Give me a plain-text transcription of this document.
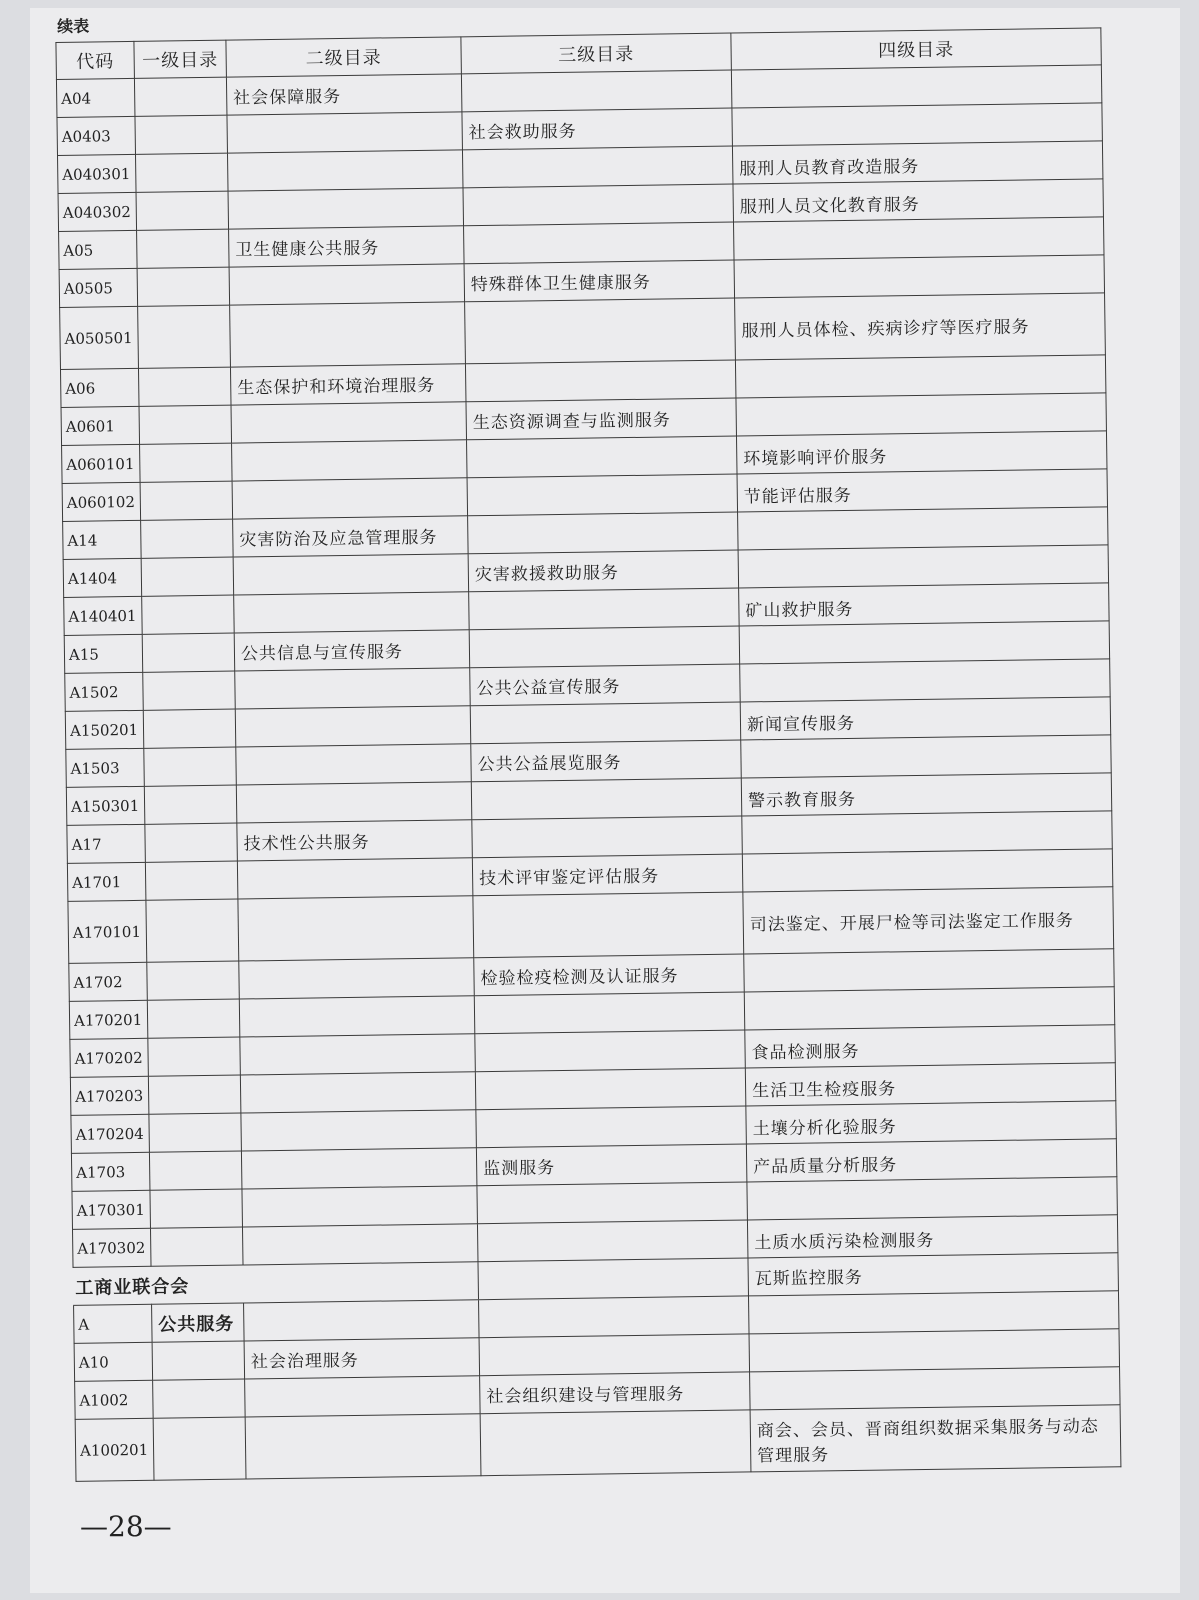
续表
代码	一级目录	二级目录	三级目录	四级目录
A04		社会保障服务		
A0403			社会救助服务	
A040301				服刑人员教育改造服务
A040302				服刑人员文化教育服务
A05		卫生健康公共服务		
A0505			特殊群体卫生健康服务	
A050501				服刑人员体检、疾病诊疗等医疗服务
A06		生态保护和环境治理服务		
A0601			生态资源调查与监测服务	
A060101				环境影响评价服务
A060102				节能评估服务
A14		灾害防治及应急管理服务		
A1404			灾害救援救助服务	
A140401				矿山救护服务
A15		公共信息与宣传服务		
A1502			公共公益宣传服务	
A150201				新闻宣传服务
A1503			公共公益展览服务	
A150301				警示教育服务
A17		技术性公共服务		
A1701			技术评审鉴定评估服务	
A170101				司法鉴定、开展尸检等司法鉴定工作服务
A1702			检验检疫检测及认证服务	
A170201				
A170202				食品检测服务
A170203				生活卫生检疫服务
A170204				土壤分析化验服务
A1703			监测服务	产品质量分析服务
A170301				
A170302				土质水质污染检测服务
工商业联合会				瓦斯监控服务
A	公共服务			
A10		社会治理服务		
A1002			社会组织建设与管理服务	
A100201				商会、会员、晋商组织数据采集服务与动态管理服务
—28—
